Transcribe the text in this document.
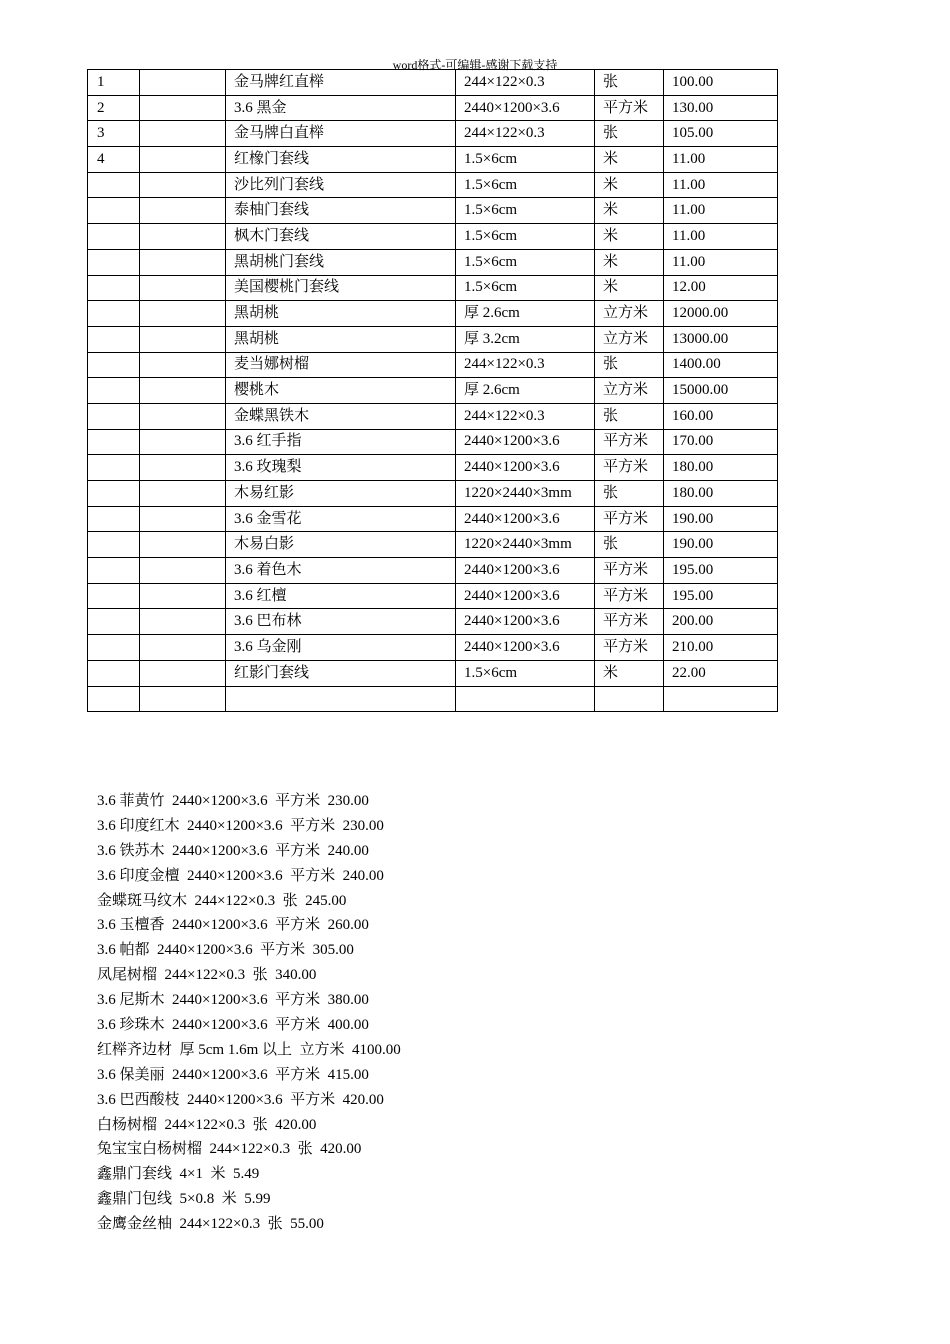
word格式-可编辑-感谢下载支持
1		金马牌红直榉	244×122×0.3	张	100.00
2		3.6 黑金	2440×1200×3.6	平方米	130.00
3		金马牌白直榉	244×122×0.3	张	105.00
4		红橡门套线	1.5×6cm	米	11.00
		沙比列门套线	1.5×6cm	米	11.00
		泰柚门套线	1.5×6cm	米	11.00
		枫木门套线	1.5×6cm	米	11.00
		黑胡桃门套线	1.5×6cm	米	11.00
		美国樱桃门套线	1.5×6cm	米	12.00
		黑胡桃	厚 2.6cm	立方米	12000.00
		黑胡桃	厚 3.2cm	立方米	13000.00
		麦当娜树榴	244×122×0.3	张	1400.00
		樱桃木	厚 2.6cm	立方米	15000.00
		金蝶黑铁木	244×122×0.3	张	160.00
		3.6 红手指	2440×1200×3.6	平方米	170.00
		3.6 玫瑰梨	2440×1200×3.6	平方米	180.00
		木易红影	1220×2440×3mm	张	180.00
		3.6 金雪花	2440×1200×3.6	平方米	190.00
		木易白影	1220×2440×3mm	张	190.00
		3.6 着色木	2440×1200×3.6	平方米	195.00
		3.6 红檀	2440×1200×3.6	平方米	195.00
		3.6 巴布林	2440×1200×3.6	平方米	200.00
		3.6 乌金刚	2440×1200×3.6	平方米	210.00
		红影门套线	1.5×6cm	米	22.00

3.6 菲黄竹  2440×1200×3.6  平方米  230.00
3.6 印度红木  2440×1200×3.6  平方米  230.00
3.6 铁苏木  2440×1200×3.6  平方米  240.00
3.6 印度金檀  2440×1200×3.6  平方米  240.00
金蝶斑马纹木  244×122×0.3  张  245.00
3.6 玉檀香  2440×1200×3.6  平方米  260.00
3.6 帕都  2440×1200×3.6  平方米  305.00
凤尾树榴  244×122×0.3  张  340.00
3.6 尼斯木  2440×1200×3.6  平方米  380.00
3.6 珍珠木  2440×1200×3.6  平方米  400.00
红榉齐边材  厚 5cm 1.6m 以上  立方米  4100.00
3.6 保美丽  2440×1200×3.6  平方米  415.00
3.6 巴西酸枝  2440×1200×3.6  平方米  420.00
白杨树榴  244×122×0.3  张  420.00
兔宝宝白杨树榴  244×122×0.3  张  420.00
鑫鼎门套线  4×1  米  5.49
鑫鼎门包线  5×0.8  米  5.99
金鹰金丝柚  244×122×0.3  张  55.00
